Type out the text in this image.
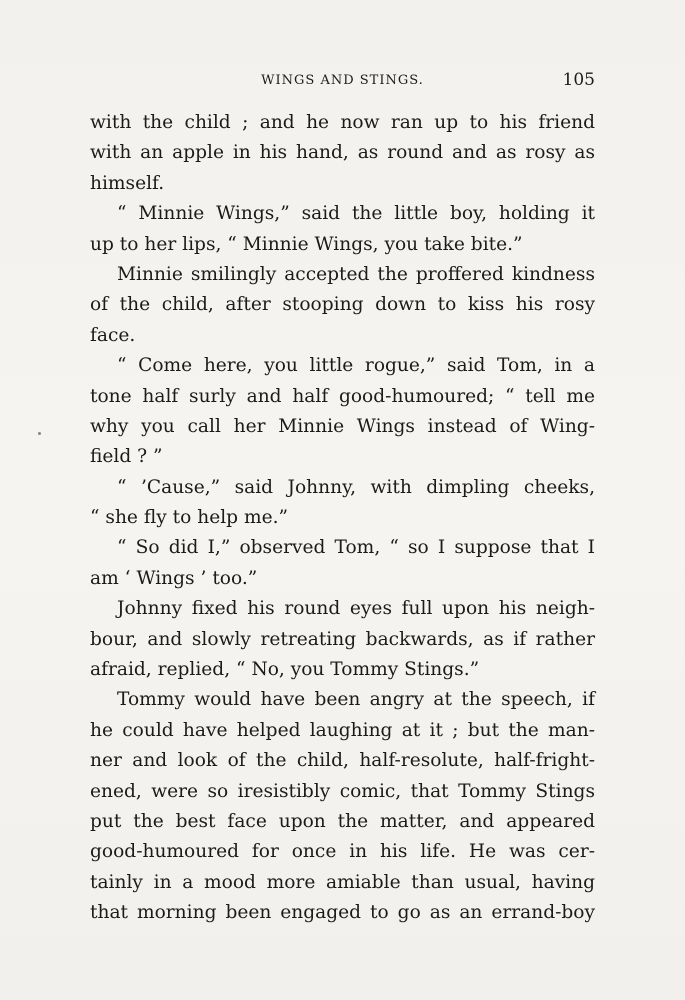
WINGS AND STINGS.	105
with the child ; and he now ran up to his friend
with an apple in his hand, as round and as rosy as
himself.
“ Minnie Wings,” said the little boy, holding it
up to her lips, “ Minnie Wings, you take bite.”
Minnie smilingly accepted the proffered kindness
of the child, after stooping down to kiss his rosy
face.
“ Come here, you little rogue,” said Tom, in a
tone half surly and half good-humoured; “ tell me
why you call her Minnie Wings instead of Wing-
field ? ”
“ ’Cause,” said Johnny, with dimpling cheeks,
“ she fly to help me.”
“ So did I,” observed Tom, “ so I suppose that I
am ‘ Wings ’ too.”
Johnny fixed his round eyes full upon his neigh-
bour, and slowly retreating backwards, as if rather
afraid, replied, “ No, you Tommy Stings.”
Tommy would have been angry at the speech, if
he could have helped laughing at it ; but the man-
ner and look of the child, half-resolute, half-fright-
ened, were so iresistibly comic, that Tommy Stings
put the best face upon the matter, and appeared
good-humoured for once in his life. He was cer-
tainly in a mood more amiable than usual, having
that morning been engaged to go as an errand-boy
